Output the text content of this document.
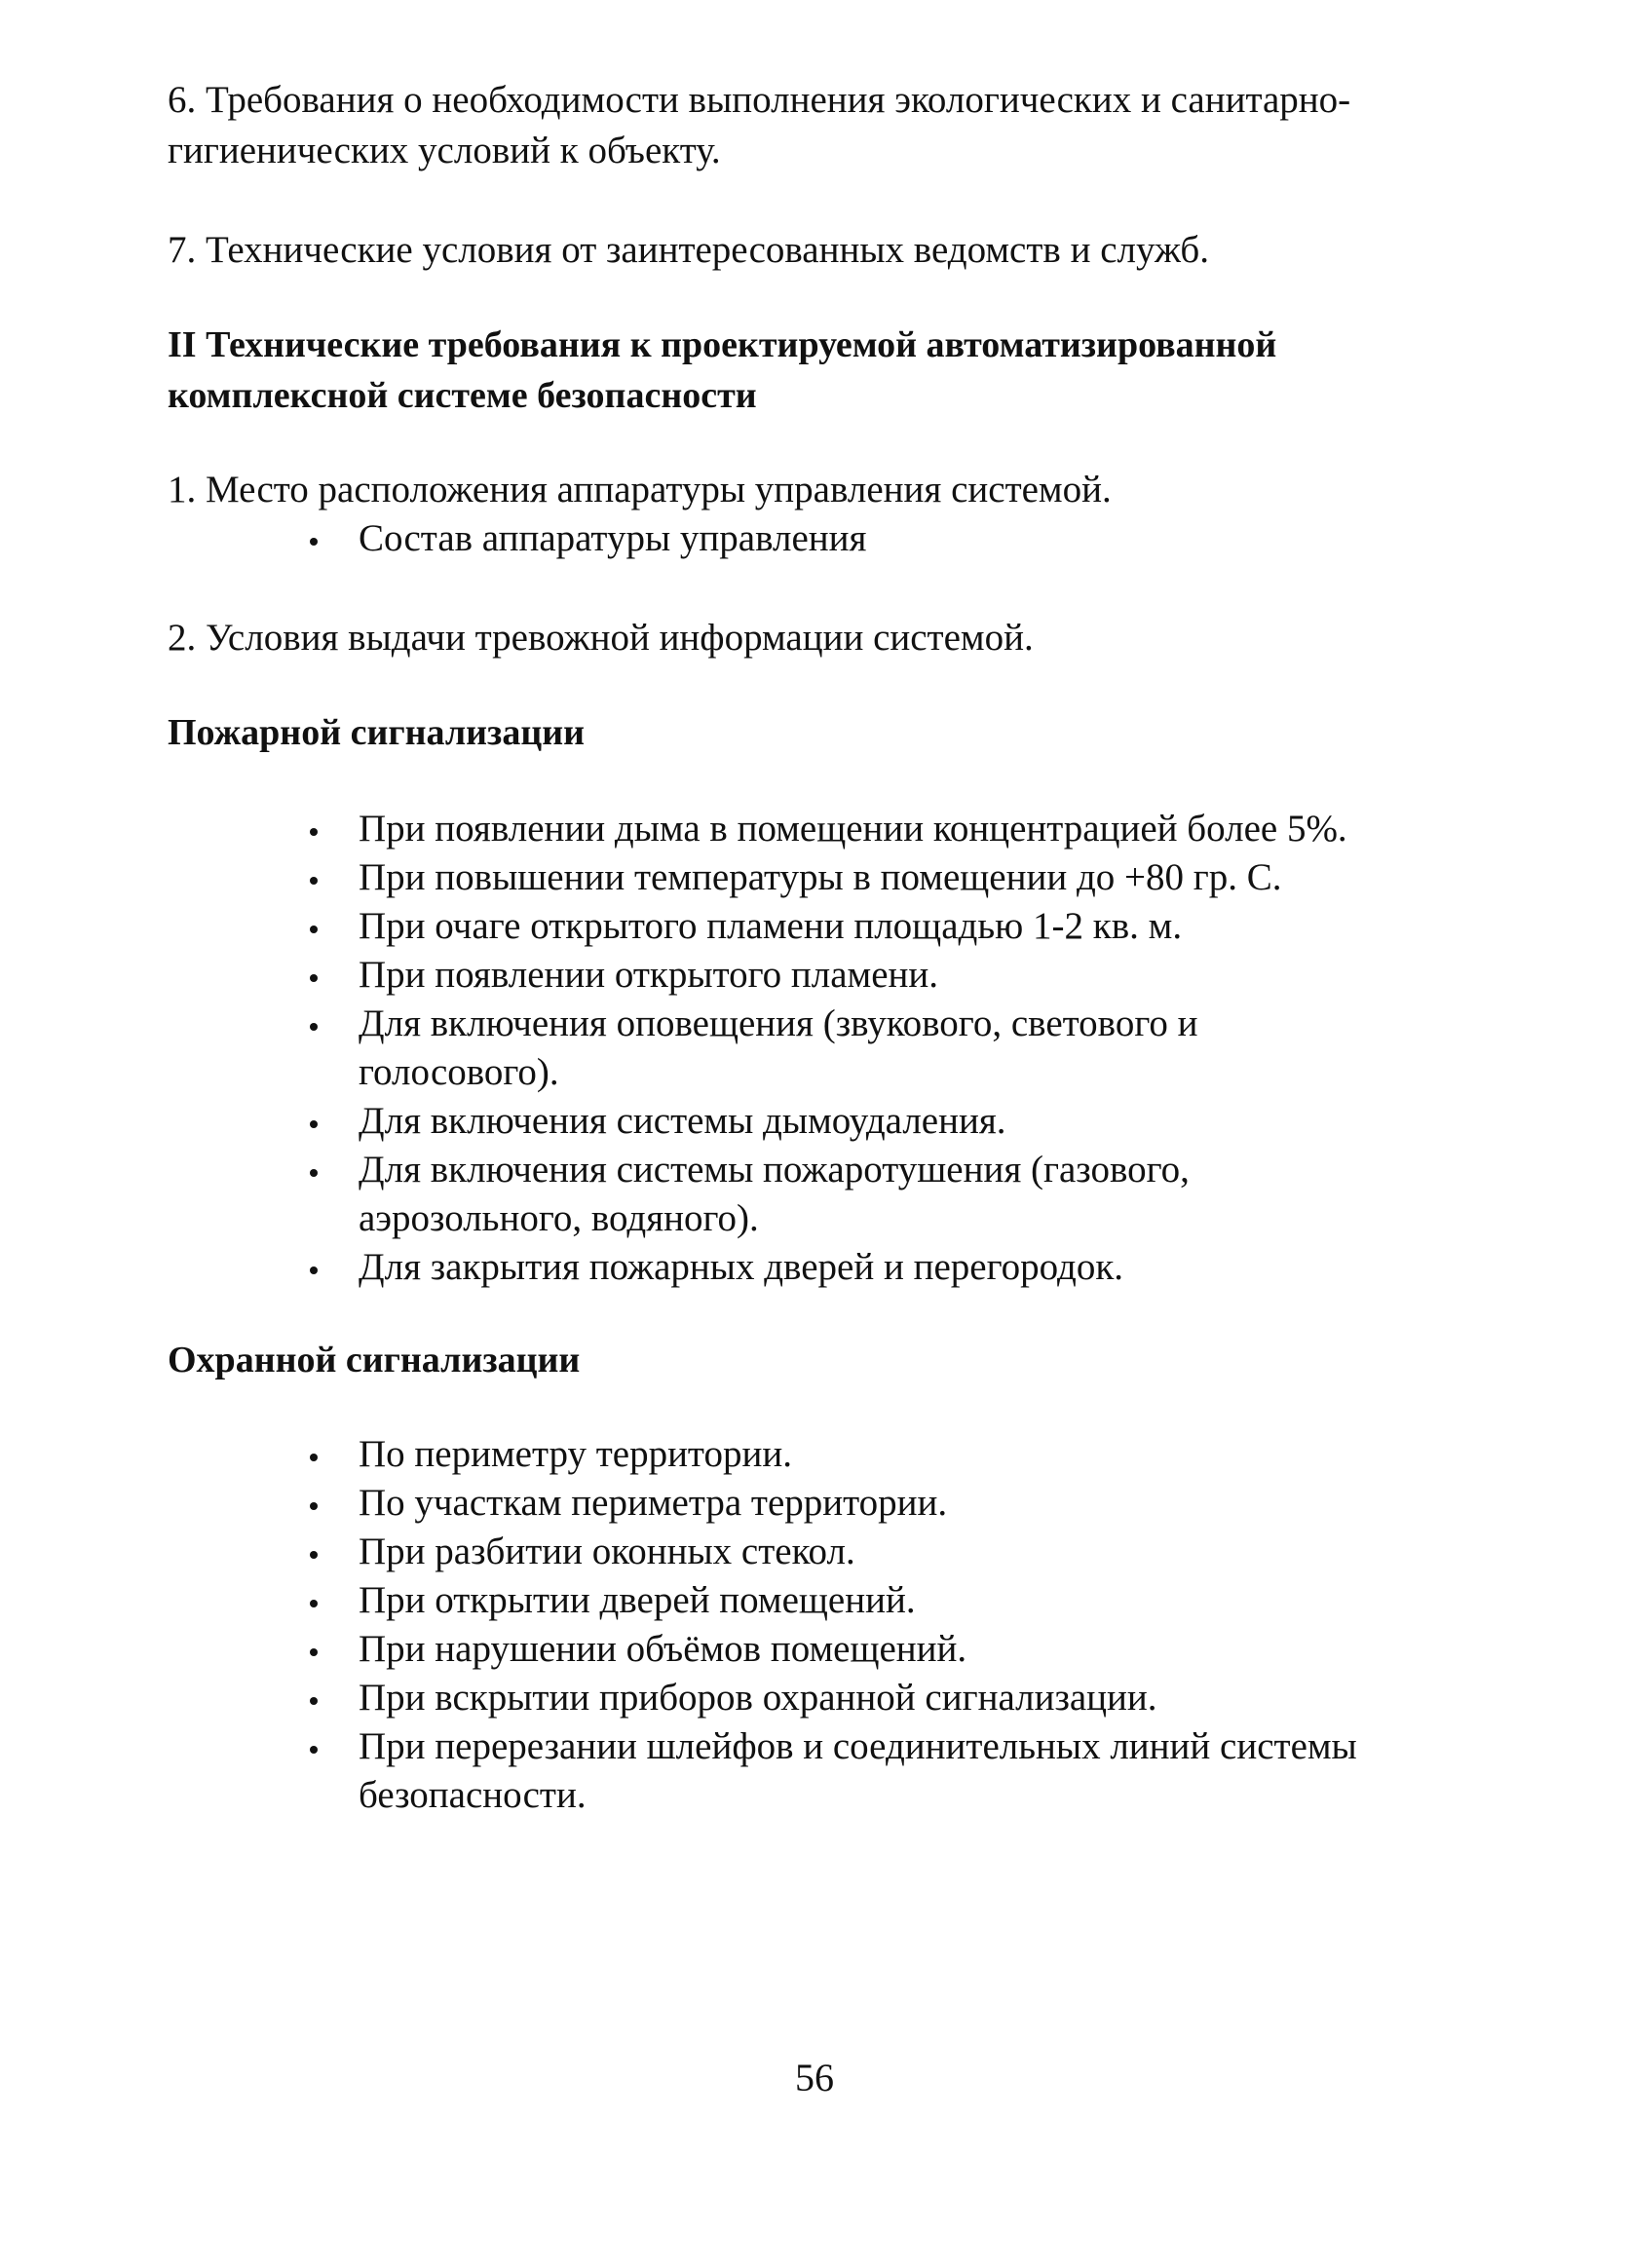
6. Требования о необходимости выполнения экологических и санитарно-

гигиенических условий к объекту.

7. Технические условия от заинтересованных ведомств и служб.

II Технические требования к проектируемой автоматизированной

комплексной системе безопасности

1. Место расположения аппаратуры управления системой.

Состав аппаратуры управления

2. Условия выдачи тревожной информации системой.

Пожарной сигнализации

При появлении дыма в помещении концентрацией более 5%.
При повышении температуры в помещении до +80 гр. С.
При очаге открытого пламени площадью 1-2 кв. м.
При появлении открытого пламени.
Для включения оповещения (звукового, светового и
голосового).
Для включения системы дымоудаления.
Для включения системы пожаротушения (газового,
аэрозольного, водяного).
Для закрытия пожарных дверей и перегородок.

Охранной сигнализации

По периметру территории.
По участкам периметра территории.
При разбитии оконных стекол.
При открытии дверей помещений.
При нарушении объёмов помещений.
При вскрытии приборов охранной сигнализации.
При перерезании шлейфов и соединительных линий системы
безопасности.
56
